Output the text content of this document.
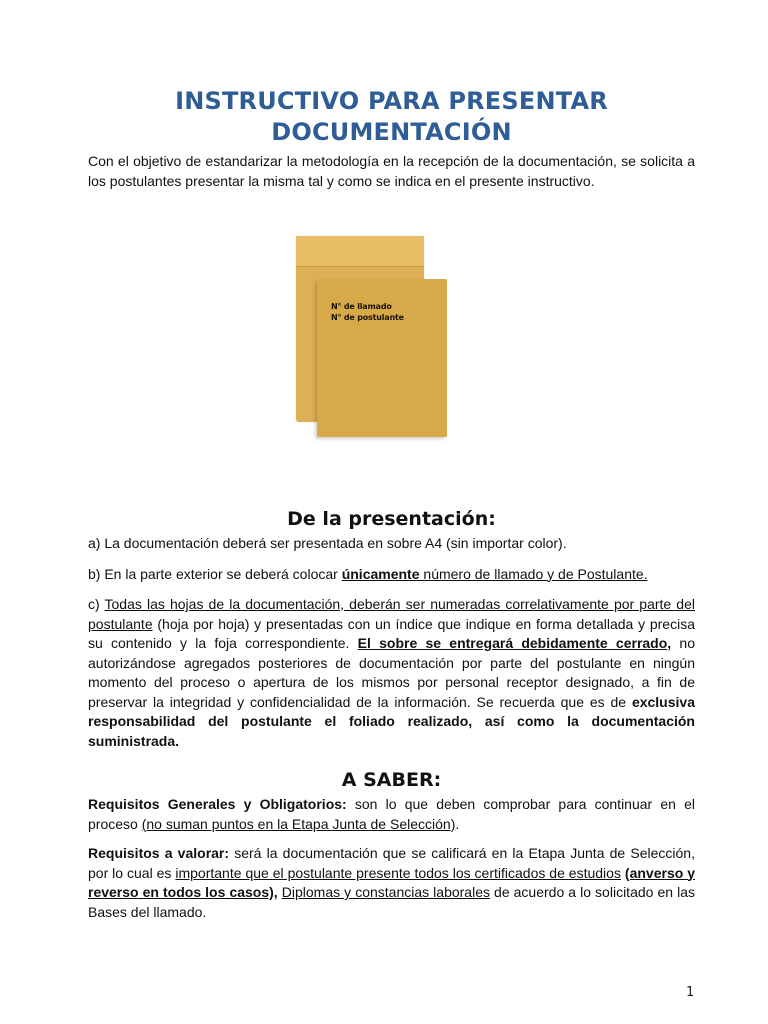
INSTRUCTIVO PARA PRESENTAR
DOCUMENTACIÓN

Con el objetivo de estandarizar la metodología en la recepción de la documentación, se solicita a los postulantes presentar la misma tal y como se indica en el presente instructivo.

N° de llamado
N° de postulante
De la presentación:

a) La documentación deberá ser presentada en sobre A4 (sin importar color).

b) En la parte exterior se deberá colocar únicamente número de llamado y de Postulante.

c) Todas las hojas de la documentación, deberán ser numeradas correlativamente por parte del postulante (hoja por hoja) y presentadas con un índice que indique en forma detallada y precisa su contenido y la foja correspondiente. El sobre se entregará debidamente cerrado, no autorizándose agregados posteriores de documentación por parte del postulante en ningún momento del proceso o apertura de los mismos por personal receptor designado, a fin de preservar la integridad y confidencialidad de la información. Se recuerda que es de exclusiva responsabilidad del postulante el foliado realizado, así como la documentación suministrada.

A SABER:

Requisitos Generales y Obligatorios: son lo que deben comprobar para continuar en el proceso (no suman puntos en la Etapa Junta de Selección).

Requisitos a valorar: será la documentación que se calificará en la Etapa Junta de Selección, por lo cual es importante que el postulante presente todos los certificados de estudios (anverso y reverso en todos los casos), Diplomas y constancias laborales de acuerdo a lo solicitado en las Bases del llamado.

1
